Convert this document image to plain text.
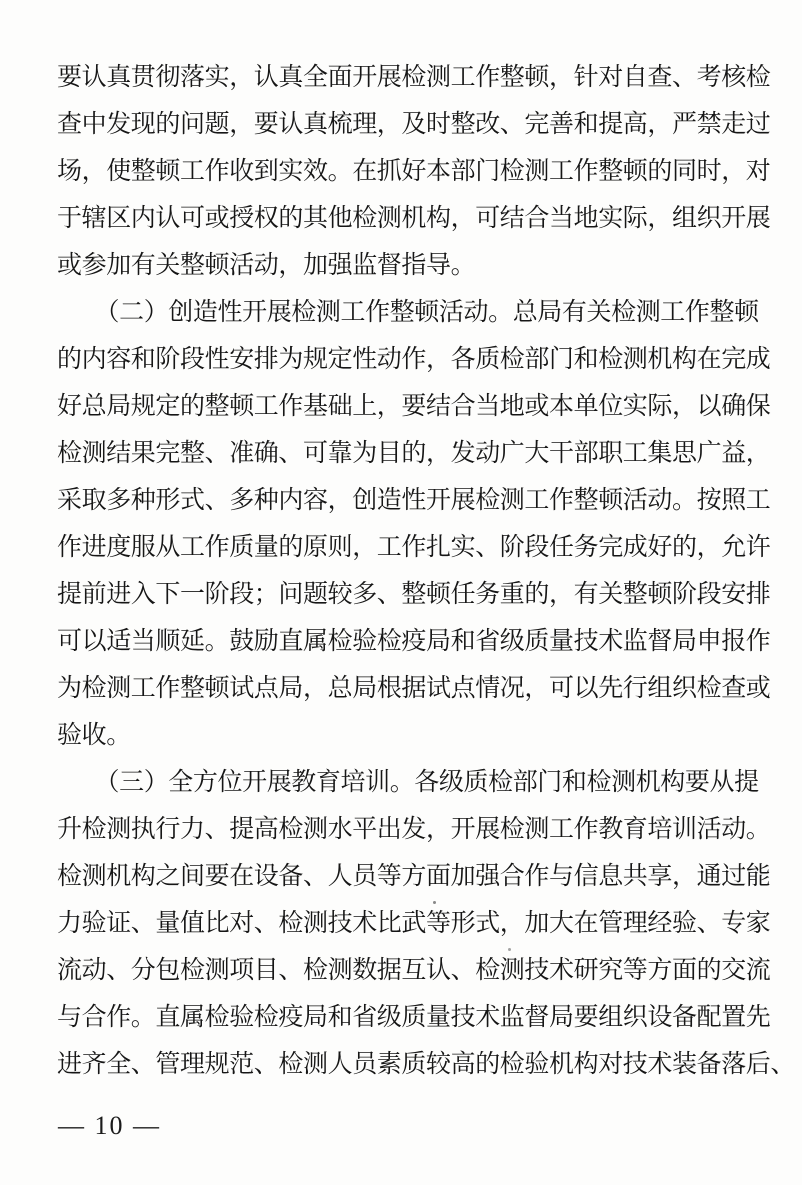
要认真贯彻落实，认真全面开展检测工作整顿，针对自查、考核检
查中发现的问题，要认真梳理，及时整改、完善和提高，严禁走过
场，使整顿工作收到实效。在抓好本部门检测工作整顿的同时，对
于辖区内认可或授权的其他检测机构，可结合当地实际，组织开展
或参加有关整顿活动，加强监督指导。
（二）创造性开展检测工作整顿活动。总局有关检测工作整顿
的内容和阶段性安排为规定性动作，各质检部门和检测机构在完成
好总局规定的整顿工作基础上，要结合当地或本单位实际，以确保
检测结果完整、准确、可靠为目的，发动广大干部职工集思广益，
采取多种形式、多种内容，创造性开展检测工作整顿活动。按照工
作进度服从工作质量的原则，工作扎实、阶段任务完成好的，允许
提前进入下一阶段；问题较多、整顿任务重的，有关整顿阶段安排
可以适当顺延。鼓励直属检验检疫局和省级质量技术监督局申报作
为检测工作整顿试点局，总局根据试点情况，可以先行组织检查或
验收。
（三）全方位开展教育培训。各级质检部门和检测机构要从提
升检测执行力、提高检测水平出发，开展检测工作教育培训活动。
检测机构之间要在设备、人员等方面加强合作与信息共享，通过能
力验证、量值比对、检测技术比武等形式，加大在管理经验、专家
流动、分包检测项目、检测数据互认、检测技术研究等方面的交流
与合作。直属检验检疫局和省级质量技术监督局要组织设备配置先
进齐全、管理规范、检测人员素质较高的检验机构对技术装备落后、
— 10 —
